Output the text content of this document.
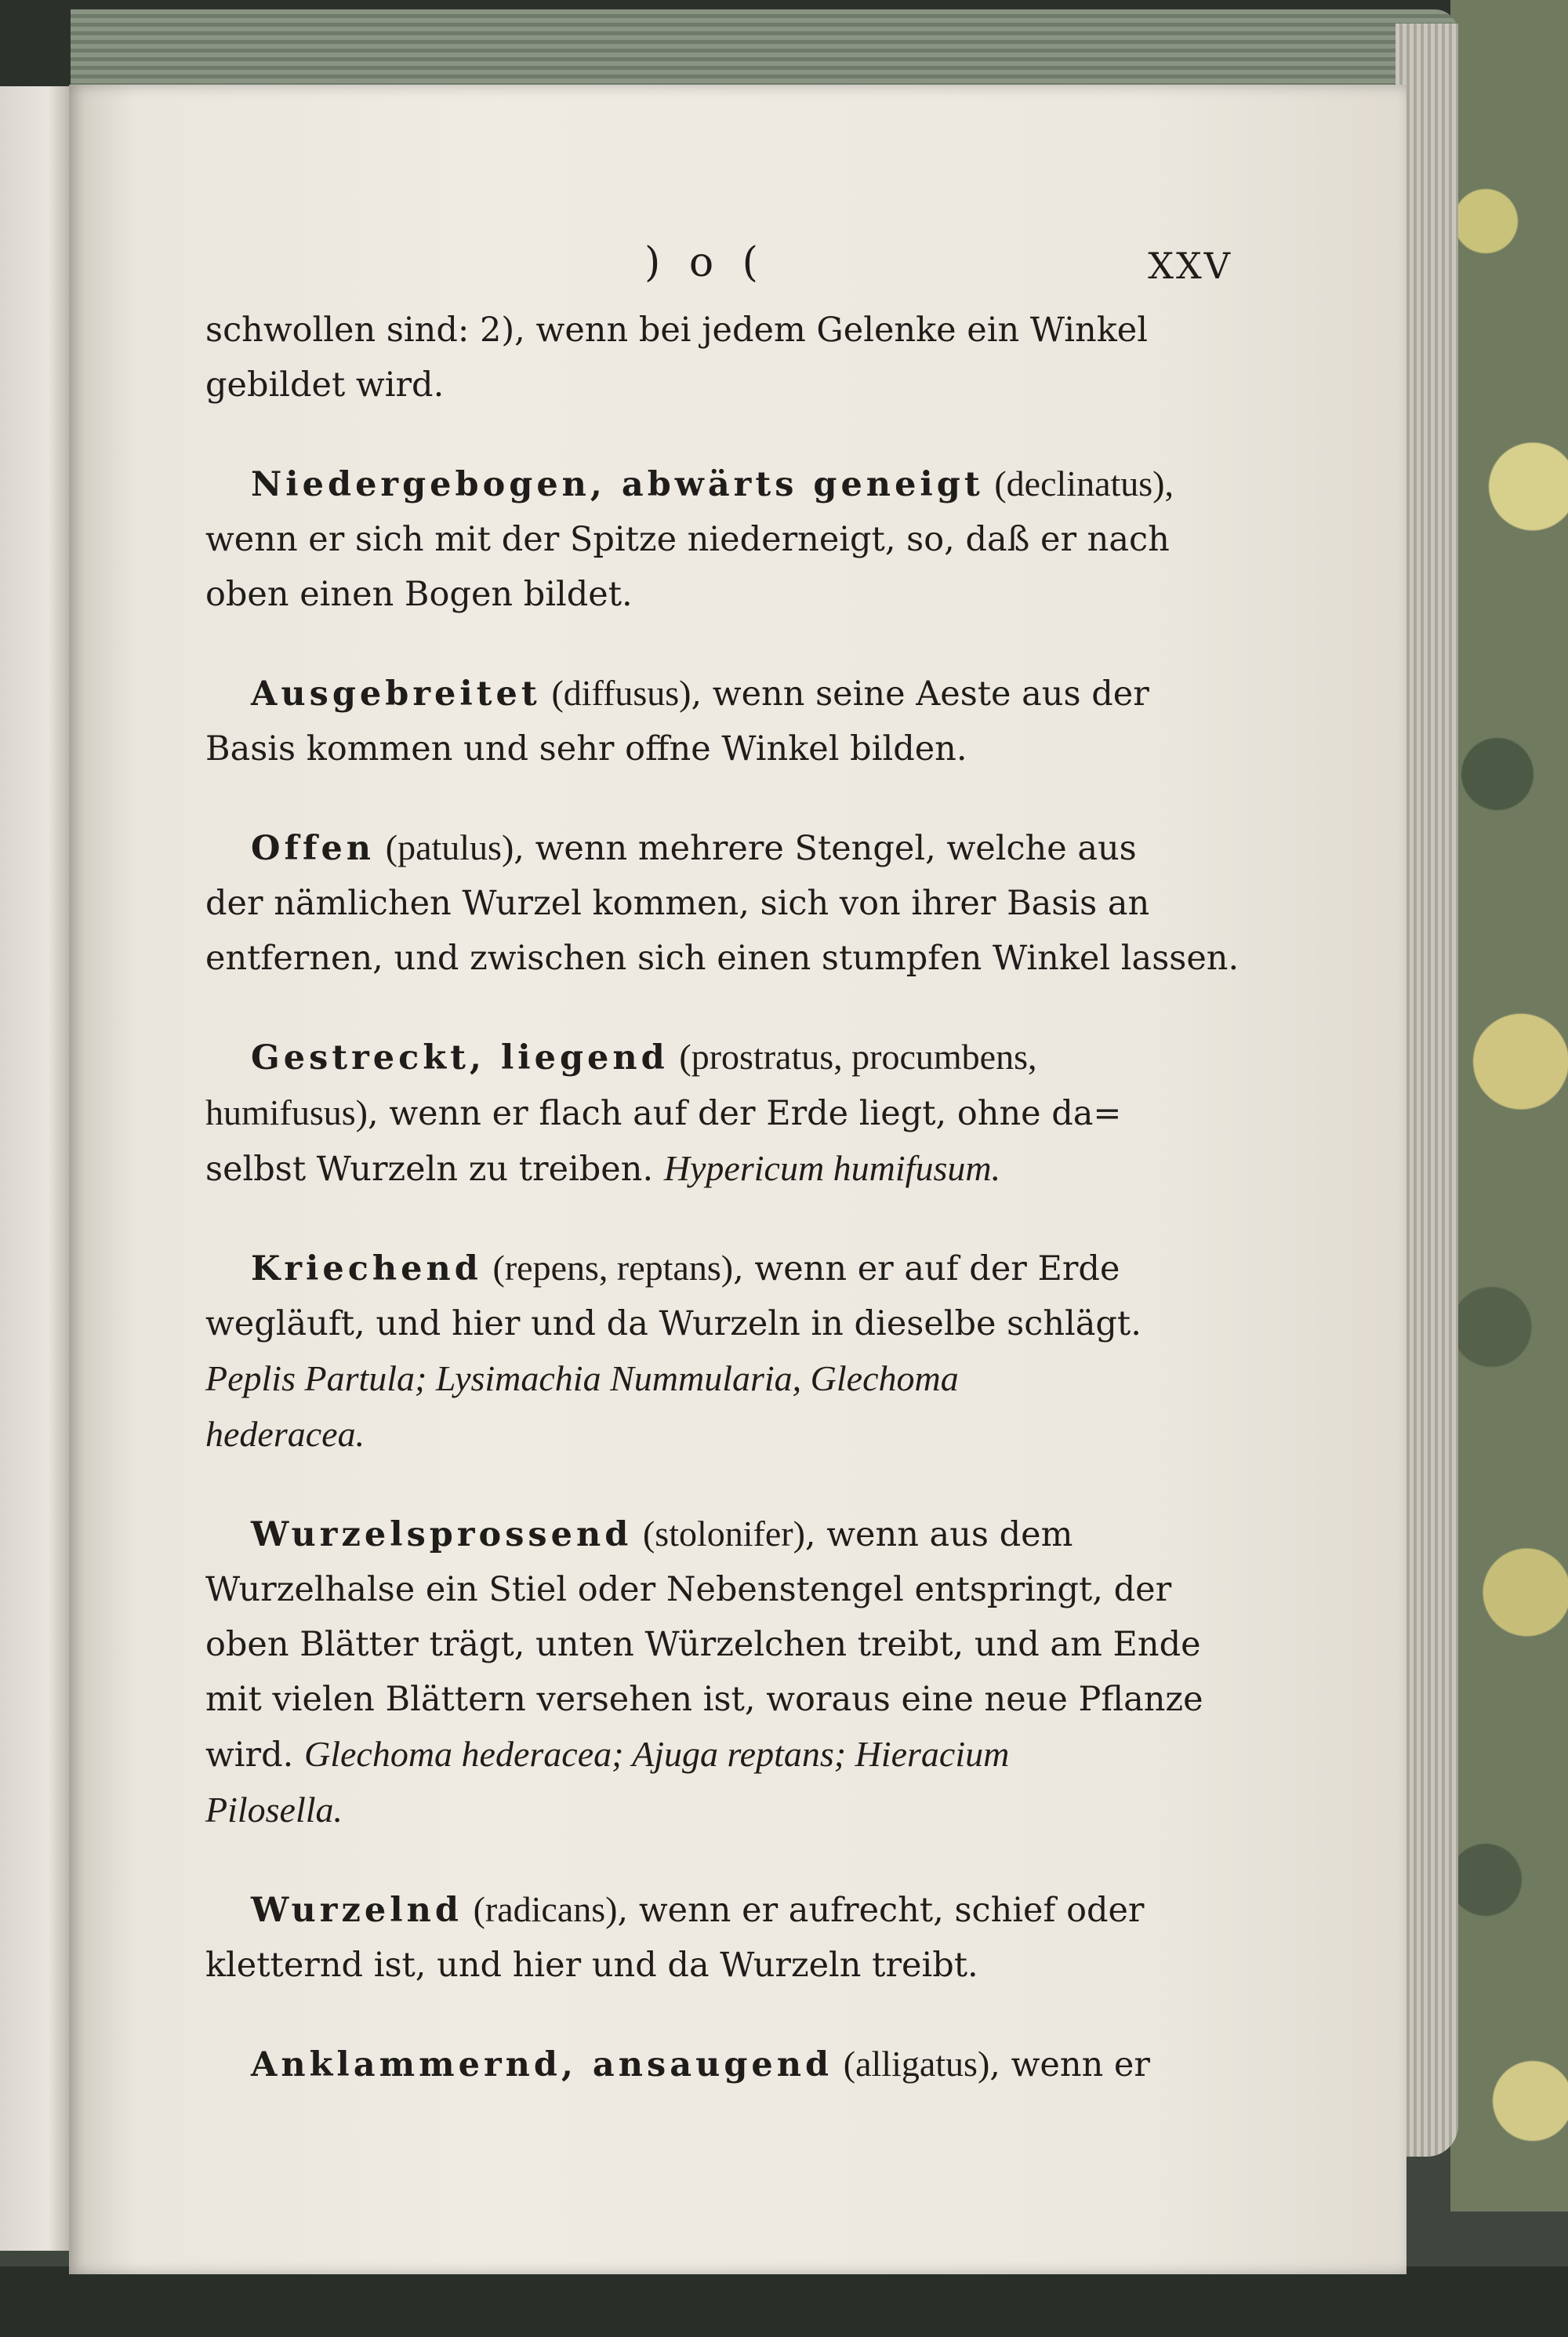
) o (	XXV
schwollen sind: 2), wenn bei jedem Gelenke ein Winkel
gebildet wird.
Niedergebogen, abwärts geneigt (declinatus),
wenn er sich mit der Spitze niederneigt, so, daß er nach
oben einen Bogen bildet.
Ausgebreitet (diffusus), wenn seine Aeste aus der
Basis kommen und sehr offne Winkel bilden.
Offen (patulus), wenn mehrere Stengel, welche aus
der nämlichen Wurzel kommen, sich von ihrer Basis an
entfernen, und zwischen sich einen stumpfen Winkel lassen.
Gestreckt, liegend (prostratus, procumbens,
humifusus), wenn er flach auf der Erde liegt, ohne da=
selbst Wurzeln zu treiben. Hypericum humifusum.
Kriechend (repens, reptans), wenn er auf der Erde
wegläuft, und hier und da Wurzeln in dieselbe schlägt.
Peplis Partula; Lysimachia Nummularia, Glechoma
hederacea.
Wurzelsprossend (stolonifer), wenn aus dem
Wurzelhalse ein Stiel oder Nebenstengel entspringt, der
oben Blätter trägt, unten Würzelchen treibt, und am Ende
mit vielen Blättern versehen ist, woraus eine neue Pflanze
wird. Glechoma hederacea; Ajuga reptans; Hieracium
Pilosella.
Wurzelnd (radicans), wenn er aufrecht, schief oder
kletternd ist, und hier und da Wurzeln treibt.
Anklammernd, ansaugend (alligatus), wenn er
